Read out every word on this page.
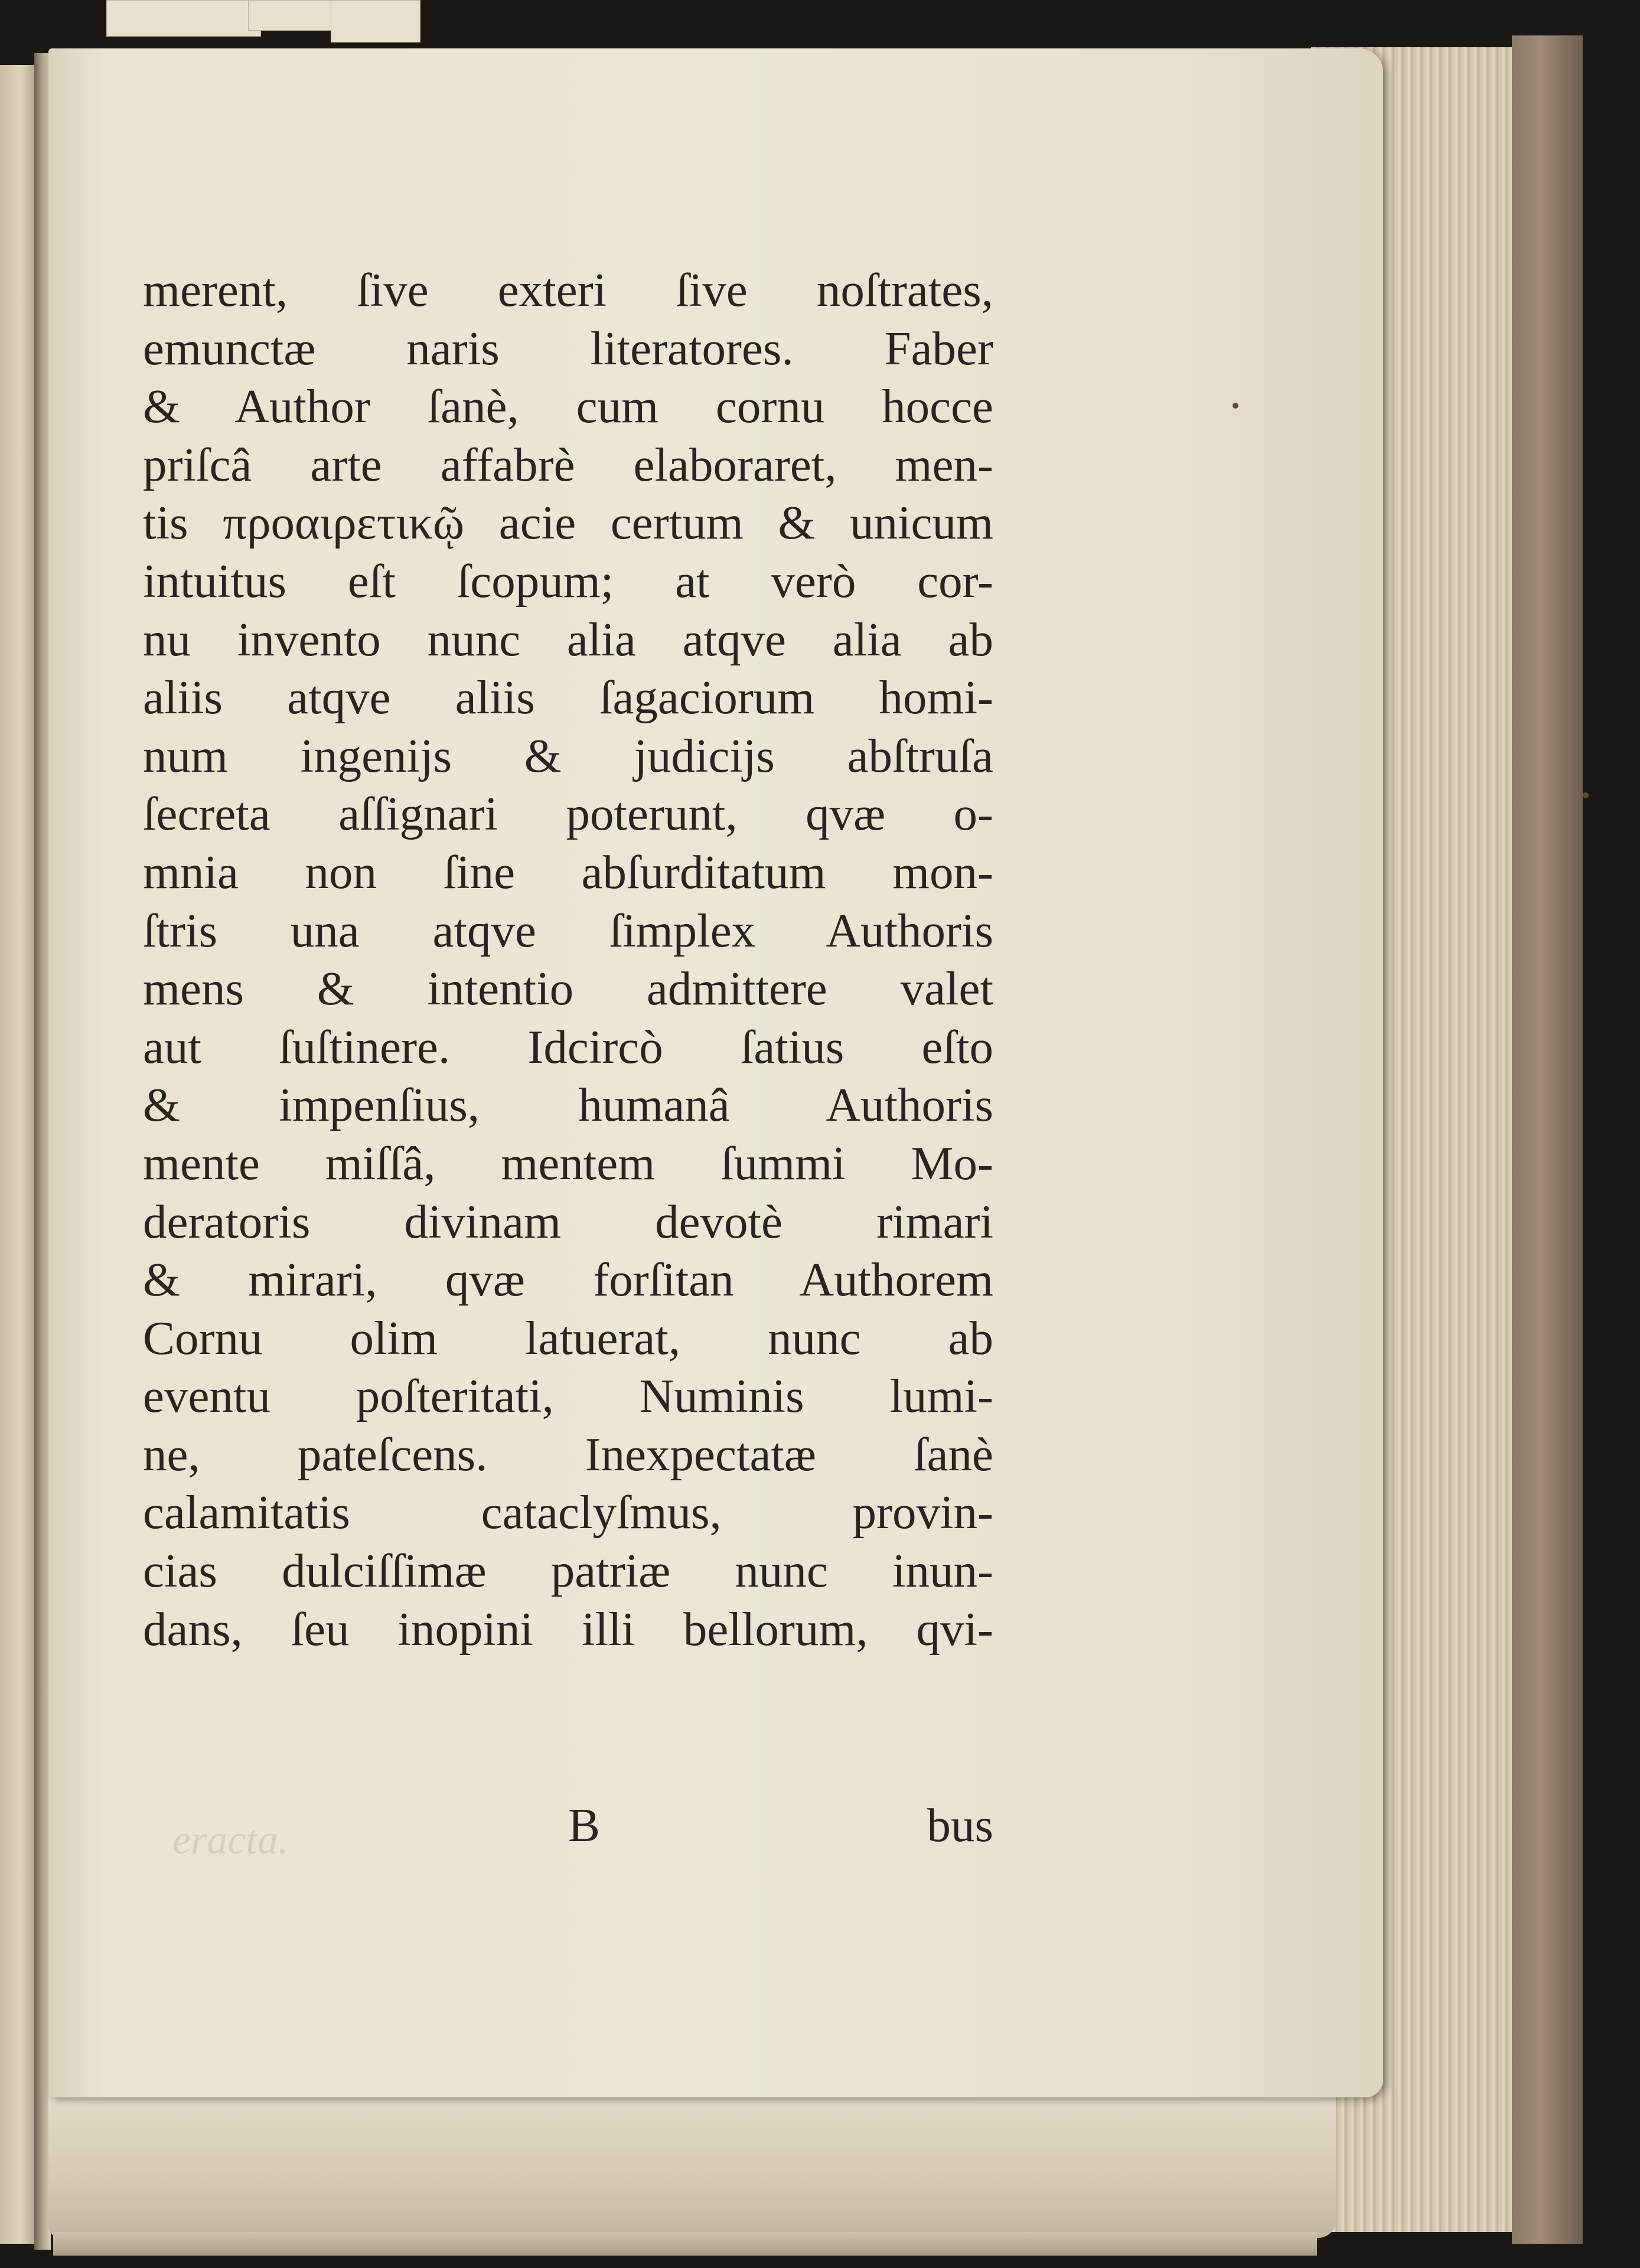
eracta.
merent, ſive exteri ſive noſtrates,
emunctæ naris literatores. Faber
& Author ſanè, cum cornu hocce
priſcâ arte affabrè elaboraret, men-
tis προαιρετικῷ acie certum & unicum
intuitus eſt ſcopum; at verò cor-
nu invento nunc alia atqve alia ab
aliis atqve aliis ſagaciorum homi-
num ingenijs & judicijs abſtruſa
ſecreta aſſignari poterunt, qvæ o-
mnia non ſine abſurditatum mon-
ſtris una atqve ſimplex Authoris
mens & intentio admittere valet
aut ſuſtinere. Idcircò ſatius eſto
& impenſius, humanâ Authoris
mente miſſâ, mentem ſummi Mo-
deratoris divinam devotè rimari
& mirari, qvæ forſitan Authorem
Cornu olim latuerat, nunc ab
eventu poſteritati, Numinis lumi-
ne, pateſcens. Inexpectatæ ſanè
calamitatis cataclyſmus, provin-
cias dulciſſimæ patriæ nunc inun-
dans, ſeu inopini illi bellorum, qvi-
B	bus
